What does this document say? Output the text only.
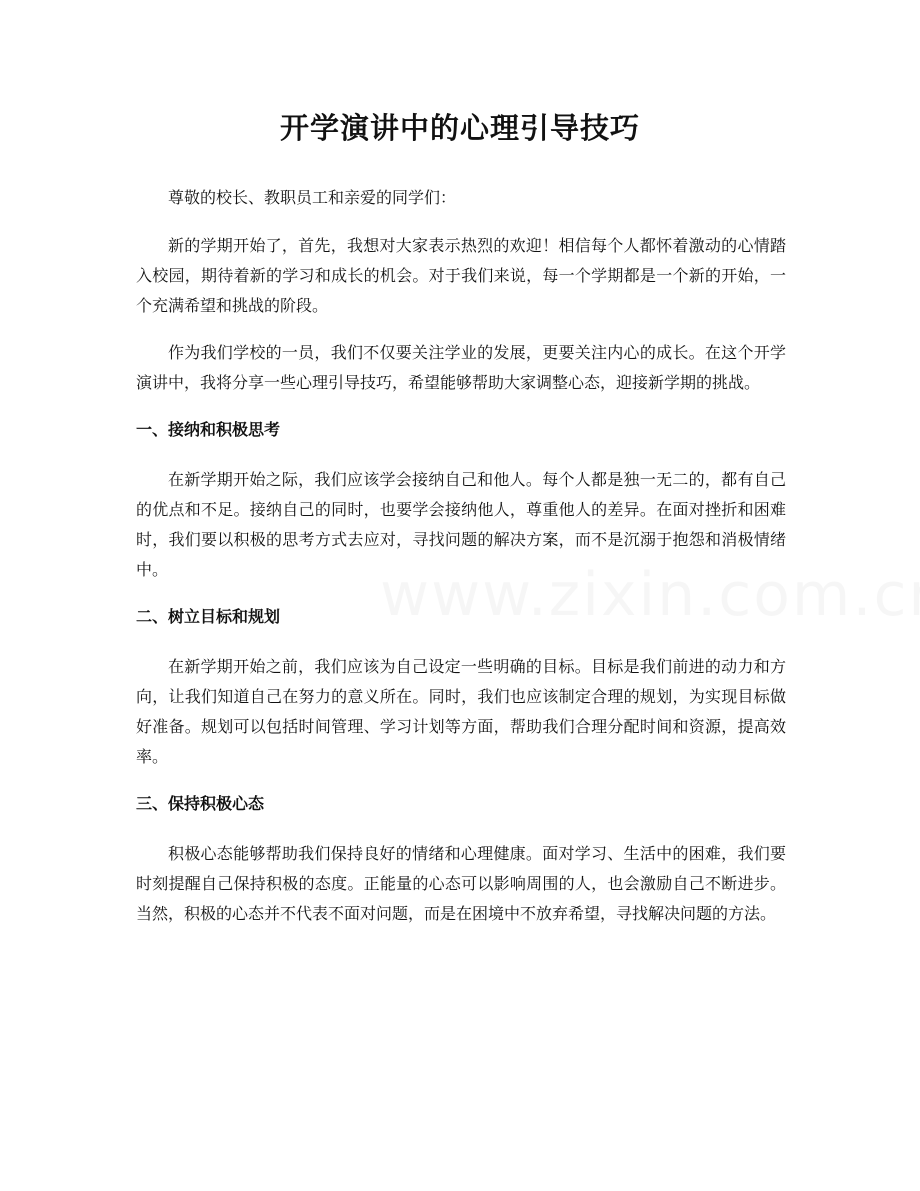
开学演讲中的心理引导技巧

尊敬的校长、教职员工和亲爱的同学们：

新的学期开始了，首先，我想对大家表示热烈的欢迎！相信每个人都怀着激动的心情踏入校园，期待着新的学习和成长的机会。对于我们来说，每一个学期都是一个新的开始，一个充满希望和挑战的阶段。

作为我们学校的一员，我们不仅要关注学业的发展，更要关注内心的成长。在这个开学演讲中，我将分享一些心理引导技巧，希望能够帮助大家调整心态，迎接新学期的挑战。

一、接纳和积极思考

在新学期开始之际，我们应该学会接纳自己和他人。每个人都是独一无二的，都有自己的优点和不足。接纳自己的同时，也要学会接纳他人，尊重他人的差异。在面对挫折和困难时，我们要以积极的思考方式去应对，寻找问题的解决方案，而不是沉溺于抱怨和消极情绪中。

二、树立目标和规划

在新学期开始之前，我们应该为自己设定一些明确的目标。目标是我们前进的动力和方向，让我们知道自己在努力的意义所在。同时，我们也应该制定合理的规划，为实现目标做好准备。规划可以包括时间管理、学习计划等方面，帮助我们合理分配时间和资源，提高效率。

三、保持积极心态

积极心态能够帮助我们保持良好的情绪和心理健康。面对学习、生活中的困难，我们要时刻提醒自己保持积极的态度。正能量的心态可以影响周围的人，也会激励自己不断进步。当然，积极的心态并不代表不面对问题，而是在困境中不放弃希望，寻找解决问题的方法。
